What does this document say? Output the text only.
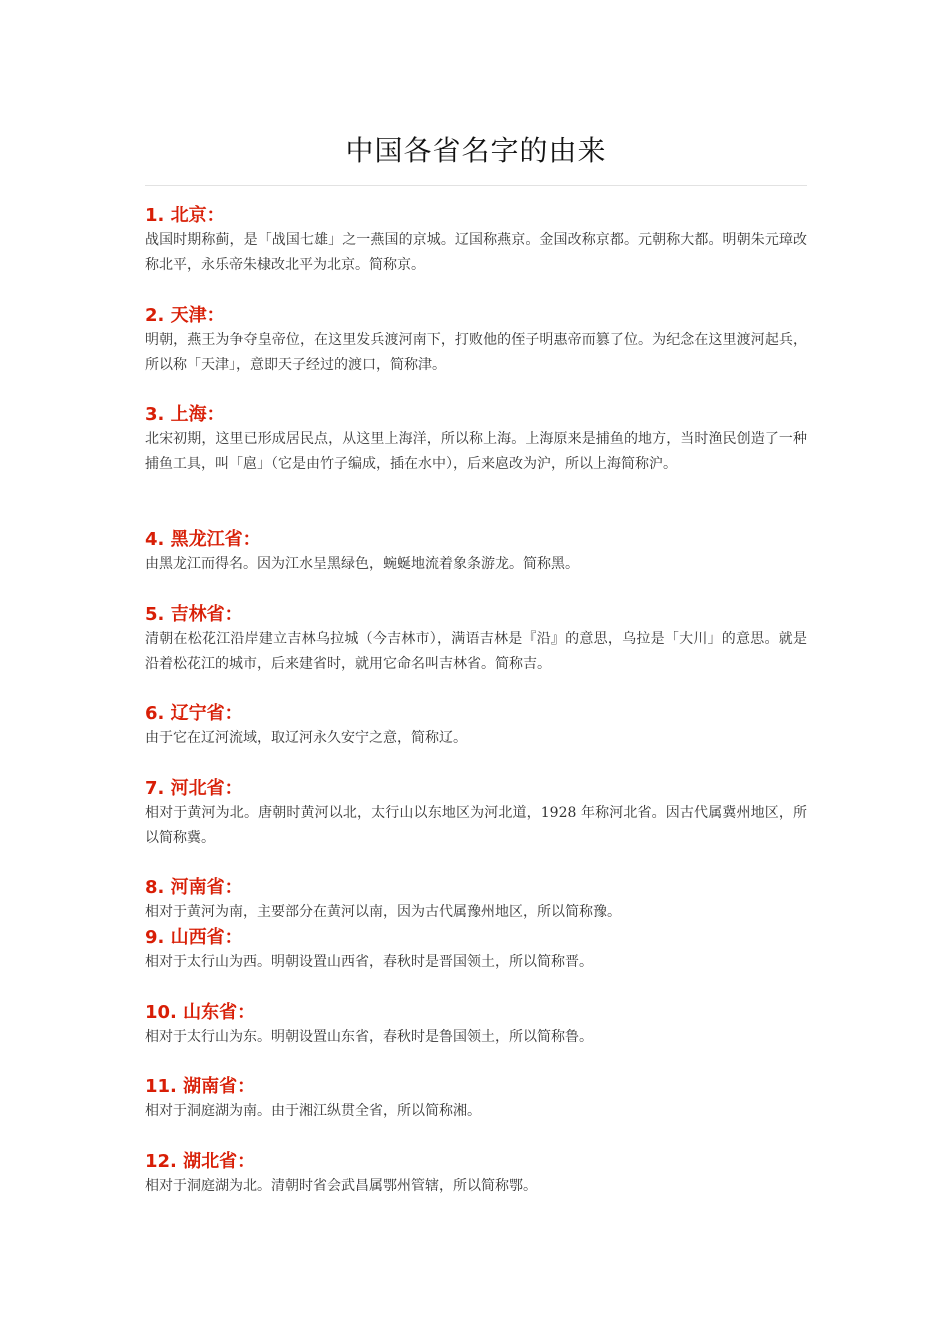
中国各省名字的由来
1. 北京：

战国时期称蓟，是「战国七雄」之一燕国的京城。辽国称燕京。金国改称京都。元朝称大都。明朝朱元璋改称北平，永乐帝朱棣改北平为北京。简称京。

2. 天津：

明朝，燕王为争夺皇帝位，在这里发兵渡河南下，打败他的侄子明惠帝而篡了位。为纪念在这里渡河起兵，所以称「天津」，意即天子经过的渡口，简称津。

3. 上海：

北宋初期，这里已形成居民点，从这里上海洋，所以称上海。上海原来是捕鱼的地方，当时渔民创造了一种捕鱼工具，叫「扈」（它是由竹子编成，插在水中），后来扈改为沪，所以上海简称沪。

4. 黑龙江省：

由黑龙江而得名。因为江水呈黑绿色，蜿蜒地流着象条游龙。简称黑。

5. 吉林省：

清朝在松花江沿岸建立吉林乌拉城（今吉林市），满语吉林是『沿』的意思，乌拉是「大川」的意思。就是沿着松花江的城市，后来建省时，就用它命名叫吉林省。简称吉。

6. 辽宁省：

由于它在辽河流域，取辽河永久安宁之意，简称辽。

7. 河北省：

相对于黄河为北。唐朝时黄河以北，太行山以东地区为河北道，1928 年称河北省。因古代属冀州地区，所以简称冀。

8. 河南省：

相对于黄河为南，主要部分在黄河以南，因为古代属豫州地区，所以简称豫。

9. 山西省：

相对于太行山为西。明朝设置山西省，春秋时是晋国领土，所以简称晋。

10. 山东省：

相对于太行山为东。明朝设置山东省，春秋时是鲁国领土，所以简称鲁。

11. 湖南省：

相对于洞庭湖为南。由于湘江纵贯全省，所以简称湘。

12. 湖北省：

相对于洞庭湖为北。清朝时省会武昌属鄂州管辖，所以简称鄂。
